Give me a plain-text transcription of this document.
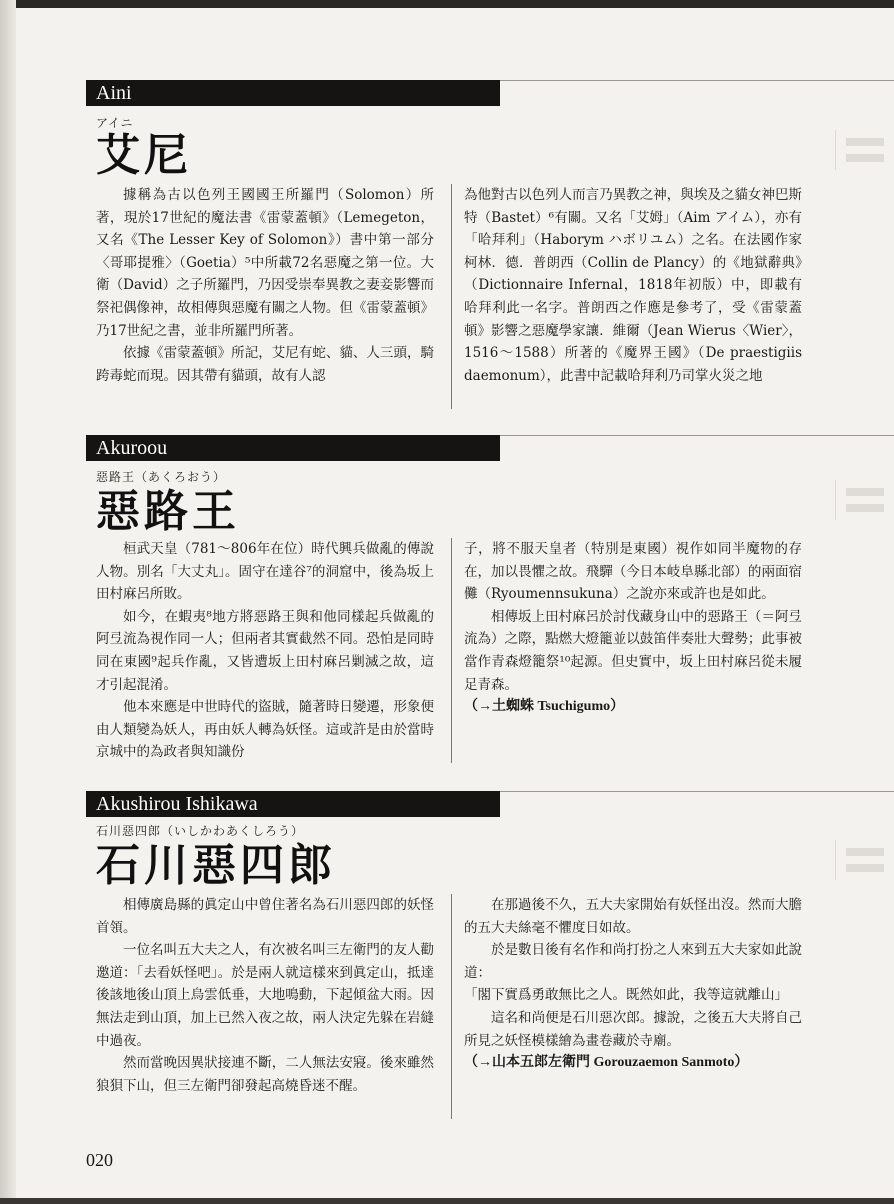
Aini
アイニ
艾尼

據稱為古以色列王國國王所羅門（Solomon）所著，現於17世紀的魔法書《雷蒙蓋頓》（Lemegeton，又名《The Lesser Key of Solomon》）書中第一部分〈哥耶提雅〉（Goetia）⁵中所載72名惡魔之第一位。大衛（David）之子所羅門，乃因受崇奉異教之妻妾影響而祭祀偶像神，故相傳與惡魔有關之人物。但《雷蒙蓋頓》乃17世紀之書，並非所羅門所著。

依據《雷蒙蓋頓》所記，艾尼有蛇、貓、人三頭，騎跨毒蛇而現。因其帶有貓頭，故有人認

為他對古以色列人而言乃異教之神，與埃及之貓女神巴斯特（Bastet）⁶有關。又名「艾姆」（Aim アイム），亦有「哈拜利」（Haborym ハボリユム）之名。在法國作家柯林．德．普朗西（Collin de Plancy）的《地獄辭典》（Dictionnaire Infernal，1818年初版）中，即載有哈拜利此一名字。普朗西之作應是參考了，受《雷蒙蓋頓》影響之惡魔學家讓．維爾（Jean Wierus〈Wier〉，1516～1588）所著的《魔界王國》（De praestigiis daemonum），此書中記載哈拜利乃司掌火災之地

Akuroou
惡路王（あくろおう）
惡路王

桓武天皇（781～806年在位）時代興兵做亂的傳說人物。別名「大丈丸」。固守在達谷⁷的洞窟中，後為坂上田村麻呂所敗。

如今，在蝦夷⁸地方將惡路王與和他同樣起兵做亂的阿弖流為視作同一人；但兩者其實截然不同。恐怕是同時同在東國⁹起兵作亂，又皆遭坂上田村麻呂剿滅之故，這才引起混淆。

他本來應是中世時代的盜賊，隨著時日變遷，形象便由人類變為妖人，再由妖人轉為妖怪。這或許是由於當時京城中的為政者與知識份

子，將不服天皇者（特別是東國）視作如同半魔物的存在，加以畏懼之故。飛驒（今日本岐阜縣北部）的兩面宿儺（Ryoumennsukuna）之說亦來或許也是如此。

相傳坂上田村麻呂於討伐藏身山中的惡路王（＝阿弖流為）之際，點燃大燈籠並以鼓笛伴奏壯大聲勢；此事被當作青森燈籠祭¹⁰起源。但史實中，坂上田村麻呂從未履足青森。

（→土蜘蛛 Tsuchigumo）

Akushirou Ishikawa
石川惡四郎（いしかわあくしろう）
石川惡四郎

相傳廣島縣的眞定山中曾住著名為石川惡四郎的妖怪首領。

一位名叫五大夫之人，有次被名叫三左衛門的友人勸邀道：「去看妖怪吧」。於是兩人就這樣來到眞定山，抵達後該地後山頂上烏雲低垂，大地鳴動，下起傾盆大雨。因無法走到山頂，加上已然入夜之故，兩人決定先躲在岩縫中過夜。

然而當晚因異狀接連不斷，二人無法安寢。後來雖然狼狽下山，但三左衛門卻發起高燒昏迷不醒。

在那過後不久，五大夫家開始有妖怪出沒。然而大膽的五大夫絲毫不懼度日如故。

於是數日後有名作和尚打扮之人來到五大夫家如此說道：

「閣下實爲勇敢無比之人。既然如此，我等這就離山」

這名和尚便是石川惡次郎。據說，之後五大夫將自己所見之妖怪模樣繪為畫卷藏於寺廟。

（→山本五郎左衛門 Gorouzaemon Sanmoto）

020
